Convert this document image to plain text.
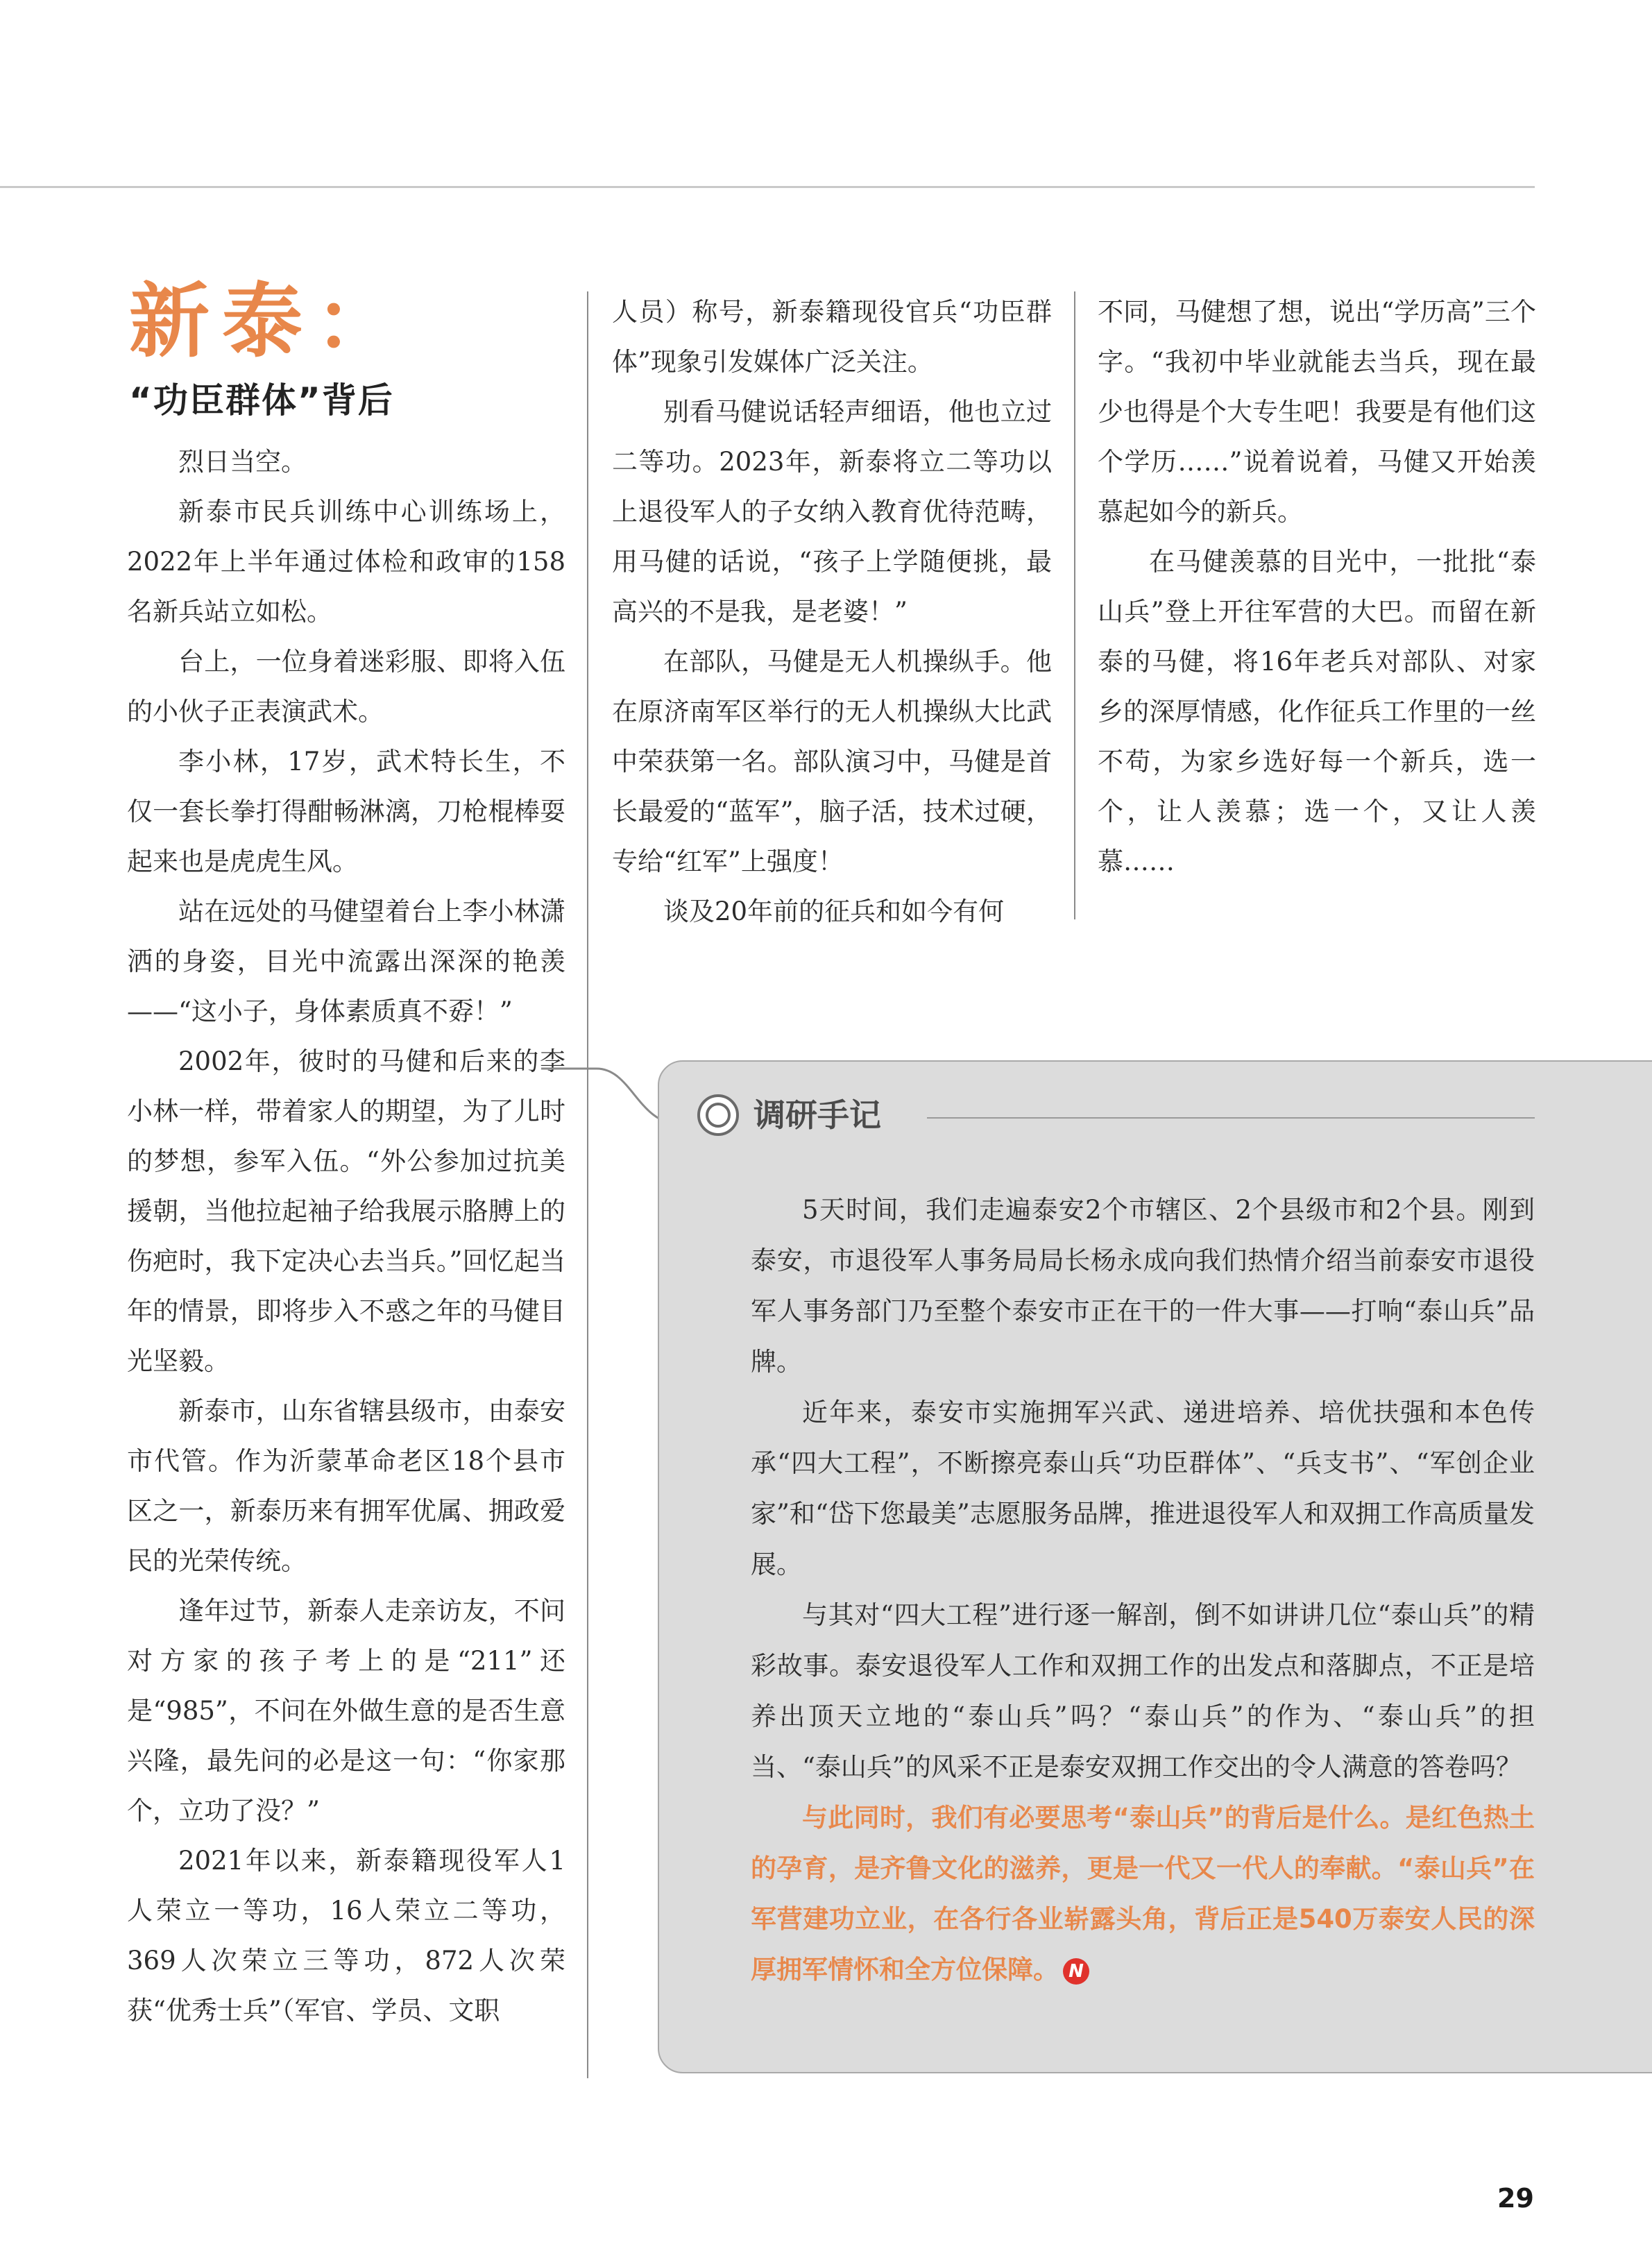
新泰：
“功臣群体”背后

烈日当空。

新泰市民兵训练中心训练场上，2022年上半年通过体检和政审的158名新兵站立如松。

台上，一位身着迷彩服、即将入伍的小伙子正表演武术。

李小林，17岁，武术特长生，不仅一套长拳打得酣畅淋漓，刀枪棍棒耍起来也是虎虎生风。

站在远处的马健望着台上李小林潇洒的身姿，目光中流露出深深的艳羡——“这小子，身体素质真不孬！”

2002年，彼时的马健和后来的李小林一样，带着家人的期望，为了儿时的梦想，参军入伍。“外公参加过抗美援朝，当他拉起袖子给我展示胳膊上的伤疤时，我下定决心去当兵。”回忆起当年的情景，即将步入不惑之年的马健目光坚毅。

新泰市，山东省辖县级市，由泰安市代管。作为沂蒙革命老区18个县市区之一，新泰历来有拥军优属、拥政爱民的光荣传统。

逢年过节，新泰人走亲访友，不问对方家的孩子考上的是“211”还是“985”，不问在外做生意的是否生意兴隆，最先问的必是这一句：“你家那个，立功了没？”

2021年以来，新泰籍现役军人1人荣立一等功，16人荣立二等功，369人次荣立三等功，872人次荣获“优秀士兵”（军官、学员、文职

人员）称号，新泰籍现役官兵“功臣群体”现象引发媒体广泛关注。

别看马健说话轻声细语，他也立过二等功。2023年，新泰将立二等功以上退役军人的子女纳入教育优待范畴，用马健的话说，“孩子上学随便挑，最高兴的不是我，是老婆！”

在部队，马健是无人机操纵手。他在原济南军区举行的无人机操纵大比武中荣获第一名。部队演习中，马健是首长最爱的“蓝军”，脑子活，技术过硬，专给“红军”上强度！

谈及20年前的征兵和如今有何

不同，马健想了想，说出“学历高”三个字。“我初中毕业就能去当兵，现在最少也得是个大专生吧！我要是有他们这个学历……”说着说着，马健又开始羡慕起如今的新兵。

在马健羡慕的目光中，一批批“泰山兵”登上开往军营的大巴。而留在新泰的马健，将16年老兵对部队、对家乡的深厚情感，化作征兵工作里的一丝不苟，为家乡选好每一个新兵，选一个，让人羡慕；选一个，又让人羡慕……

调研手记

5天时间，我们走遍泰安2个市辖区、2个县级市和2个县。刚到泰安，市退役军人事务局局长杨永成向我们热情介绍当前泰安市退役军人事务部门乃至整个泰安市正在干的一件大事——打响“泰山兵”品牌。

近年来，泰安市实施拥军兴武、递进培养、培优扶强和本色传承“四大工程”，不断擦亮泰山兵“功臣群体”、“兵支书”、“军创企业家”和“岱下您最美”志愿服务品牌，推进退役军人和双拥工作高质量发展。

与其对“四大工程”进行逐一解剖，倒不如讲讲几位“泰山兵”的精彩故事。泰安退役军人工作和双拥工作的出发点和落脚点，不正是培养出顶天立地的“泰山兵”吗？“泰山兵”的作为、“泰山兵”的担当、“泰山兵”的风采不正是泰安双拥工作交出的令人满意的答卷吗？

与此同时，我们有必要思考“泰山兵”的背后是什么。是红色热土的孕育，是齐鲁文化的滋养，更是一代又一代人的奉献。“泰山兵”在军营建功立业，在各行各业崭露头角，背后正是540万泰安人民的深厚拥军情怀和全方位保障。 N

29
